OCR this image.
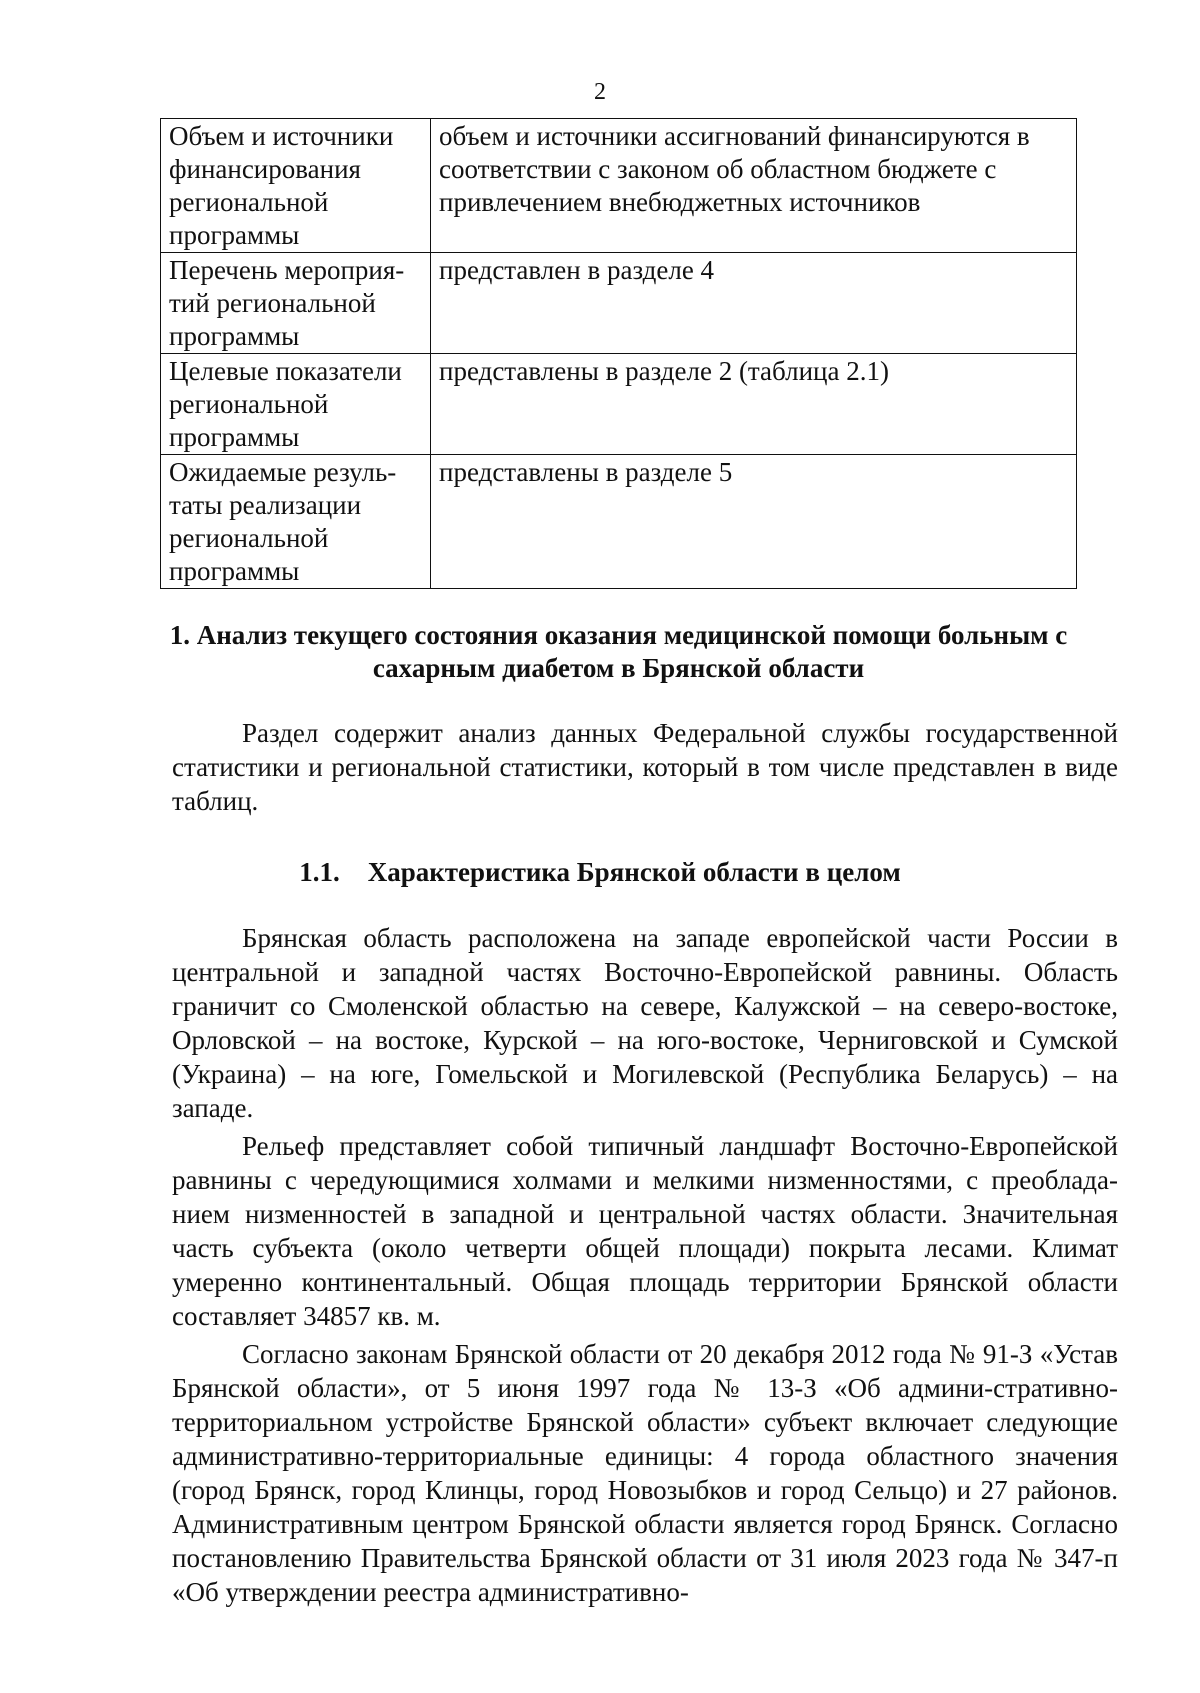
2
Объем и источники финансирования региональной программы	объем и источники ассигнований финансируются в соответствии с законом об областном бюджете с привлечением внебюджетных источников
Перечень мероприя-тий региональной программы	представлен в разделе 4
Целевые показатели региональной программы	представлены в разделе 2 (таблица 2.1)
Ожидаемые резуль-таты реализации региональной программы	представлены в разделе 5
1. Анализ текущего состояния оказания медицинской помощи больным с сахарным диабетом в Брянской области

Раздел содержит анализ данных Федеральной службы государственной статистики и региональной статистики, который в том числе представлен в виде таблиц.

1.1. Характеристика Брянской области в целом

Брянская область расположена на западе европейской части России в центральной и западной частях Восточно-Европейской равнины. Область граничит со Смоленской областью на севере, Калужской – на северо-востоке, Орловской – на востоке, Курской – на юго-востоке, Черниговской и Сумской (Украина) – на юге, Гомельской и Могилевской (Республика Беларусь) – на западе.

Рельеф представляет собой типичный ландшафт Восточно-Европейской равнины с чередующимися холмами и мелкими низменностями, с преоблада-нием низменностей в западной и центральной частях области. Значительная часть субъекта (около четверти общей площади) покрыта лесами. Климат умеренно континентальный. Общая площадь территории Брянской области составляет 34857 кв. м.

Согласно законам Брянской области от 20 декабря 2012 года № 91-З «Устав Брянской области», от 5 июня 1997 года № 13-З «Об админи-стративно-территориальном устройстве Брянской области» субъект включает следующие административно-территориальные единицы: 4 города областного значения (город Брянск, город Клинцы, город Новозыбков и город Сельцо) и 27 районов. Административным центром Брянской области является город Брянск. Согласно постановлению Правительства Брянской области от 31 июля 2023 года № 347-п «Об утверждении реестра административно-
